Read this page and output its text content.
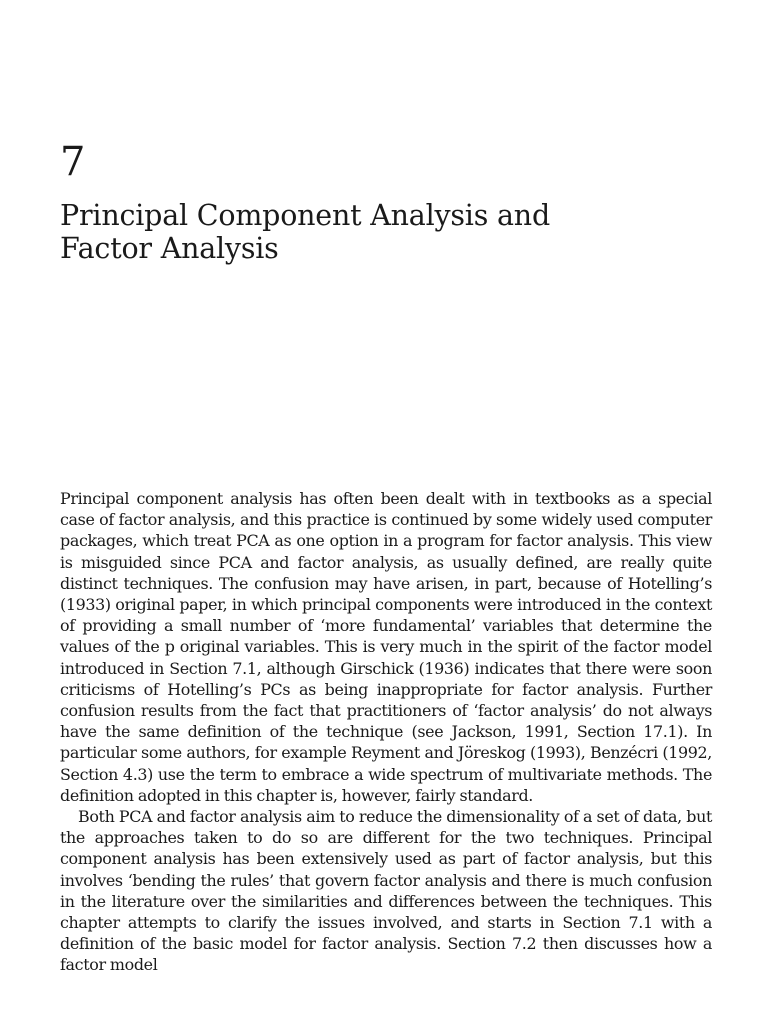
7
Principal Component Analysis and
Factor Analysis

Principal component analysis has often been dealt with in textbooks as a special case of factor analysis, and this practice is continued by some widely used computer packages, which treat PCA as one option in a program for factor analysis. This view is misguided since PCA and factor analysis, as usually defined, are really quite distinct techniques. The confusion may have arisen, in part, because of Hotelling’s (1933) original paper, in which principal components were introduced in the context of providing a small number of ‘more fundamental’ variables that determine the values of the p original variables. This is very much in the spirit of the factor model introduced in Section 7.1, although Girschick (1936) indicates that there were soon criticisms of Hotelling’s PCs as being inappropriate for factor analysis. Further confusion results from the fact that practitioners of ‘factor analysis’ do not always have the same definition of the technique (see Jackson, 1991, Section 17.1). In particular some authors, for example Reyment and Jöreskog (1993), Benzécri (1992, Section 4.3) use the term to embrace a wide spectrum of multivariate methods. The definition adopted in this chapter is, however, fairly standard.

Both PCA and factor analysis aim to reduce the dimensionality of a set of data, but the approaches taken to do so are different for the two techniques. Principal component analysis has been extensively used as part of factor analysis, but this involves ‘bending the rules’ that govern factor analysis and there is much confusion in the literature over the similarities and differences between the techniques. This chapter attempts to clarify the issues involved, and starts in Section 7.1 with a definition of the basic model for factor analysis. Section 7.2 then discusses how a factor model
